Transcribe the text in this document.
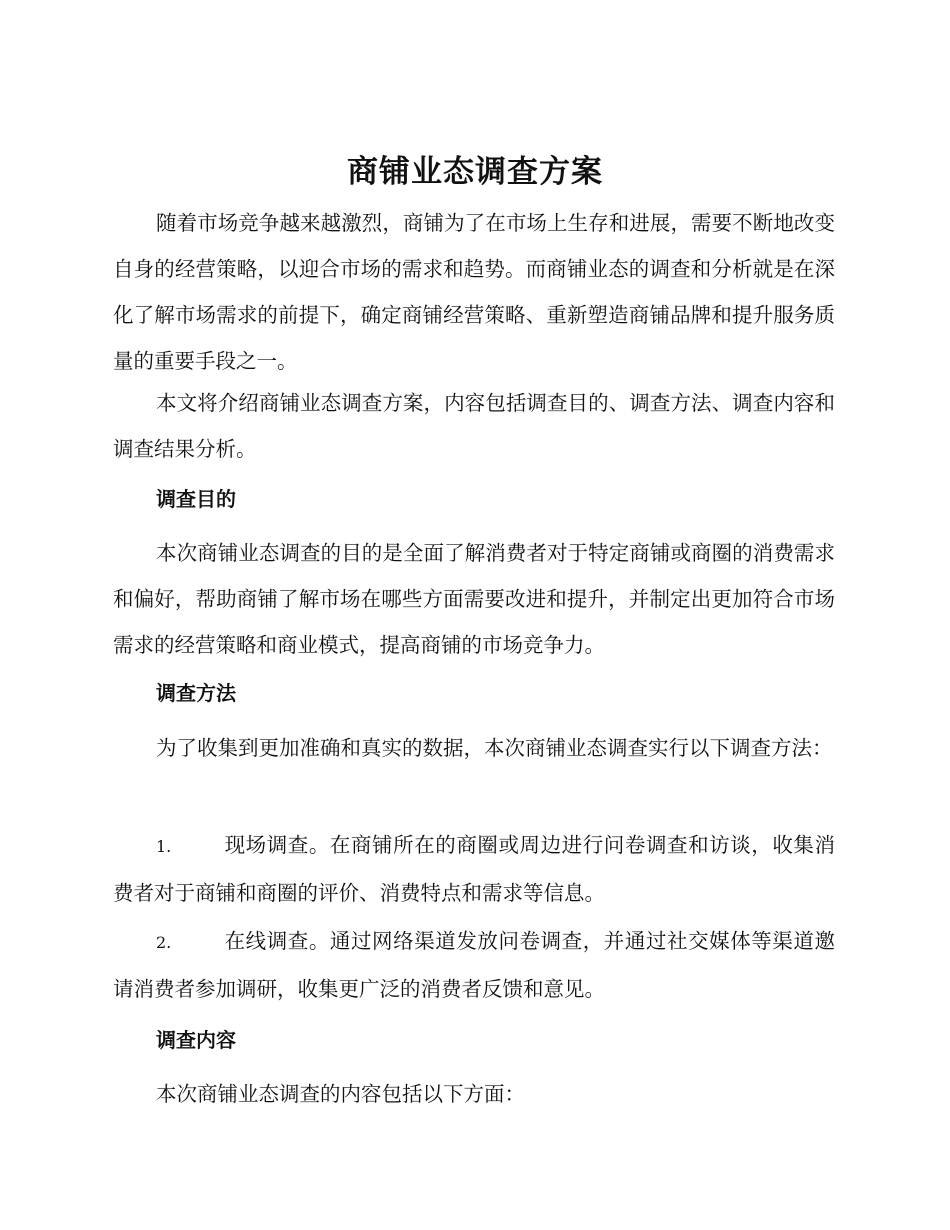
商铺业态调查方案

随着市场竞争越来越激烈，商铺为了在市场上生存和进展，需要不断地改变自身的经营策略，以迎合市场的需求和趋势。而商铺业态的调查和分析就是在深化了解市场需求的前提下，确定商铺经营策略、重新塑造商铺品牌和提升服务质量的重要手段之一。

本文将介绍商铺业态调查方案，内容包括调查目的、调查方法、调查内容和调查结果分析。

调查目的

本次商铺业态调查的目的是全面了解消费者对于特定商铺或商圈的消费需求和偏好，帮助商铺了解市场在哪些方面需要改进和提升，并制定出更加符合市场需求的经营策略和商业模式，提高商铺的市场竞争力。

调查方法

为了收集到更加准确和真实的数据，本次商铺业态调查实行以下调查方法：

1.	现场调查。在商铺所在的商圈或周边进行问卷调查和访谈，收集消费者对于商铺和商圈的评价、消费特点和需求等信息。
2.	在线调查。通过网络渠道发放问卷调查，并通过社交媒体等渠道邀请消费者参加调研，收集更广泛的消费者反馈和意见。
调查内容

本次商铺业态调查的内容包括以下方面：
